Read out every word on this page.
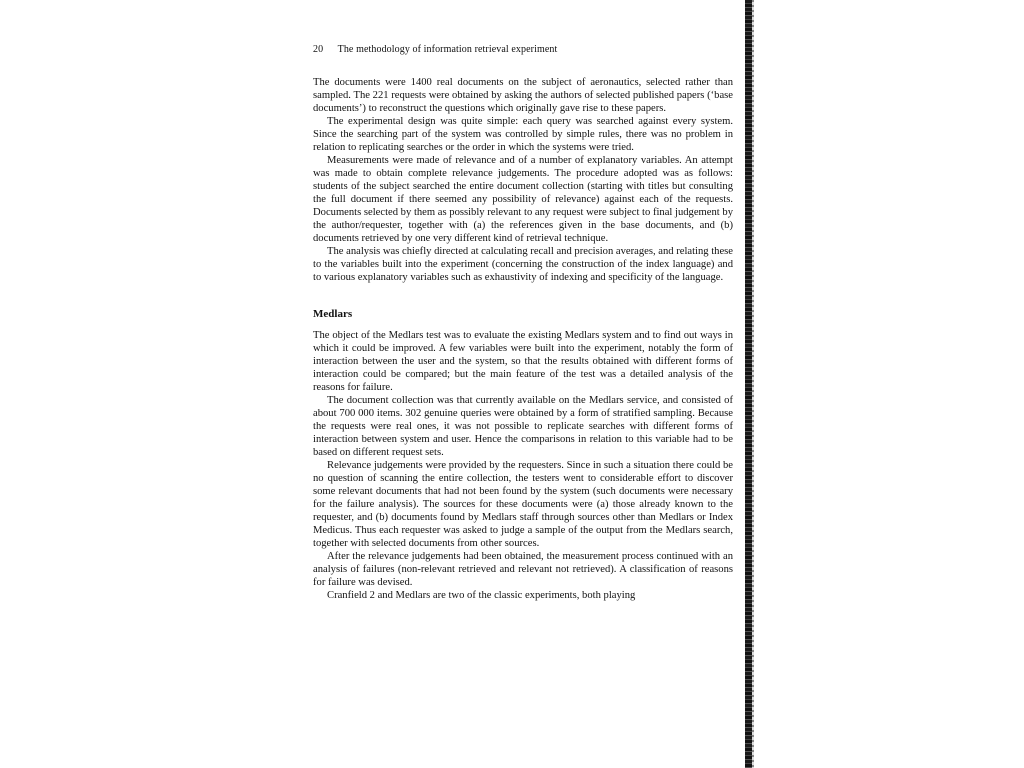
20 The methodology of information retrieval experiment

The documents were 1400 real documents on the subject of aeronautics, selected rather than sampled. The 221 requests were obtained by asking the authors of selected published papers (‘base documents’) to reconstruct the questions which originally gave rise to these papers.

The experimental design was quite simple: each query was searched against every system. Since the searching part of the system was controlled by simple rules, there was no problem in relation to replicating searches or the order in which the systems were tried.

Measurements were made of relevance and of a number of explanatory variables. An attempt was made to obtain complete relevance judgements. The procedure adopted was as follows: students of the subject searched the entire document collection (starting with titles but consulting the full document if there seemed any possibility of relevance) against each of the requests. Documents selected by them as possibly relevant to any request were subject to final judgement by the author/requester, together with (a) the references given in the base documents, and (b) documents retrieved by one very different kind of retrieval technique.

The analysis was chiefly directed at calculating recall and precision averages, and relating these to the variables built into the experiment (concerning the construction of the index language) and to various explanatory variables such as exhaustivity of indexing and specificity of the language.

Medlars

The object of the Medlars test was to evaluate the existing Medlars system and to find out ways in which it could be improved. A few variables were built into the experiment, notably the form of interaction between the user and the system, so that the results obtained with different forms of interaction could be compared; but the main feature of the test was a detailed analysis of the reasons for failure.

The document collection was that currently available on the Medlars service, and consisted of about 700 000 items. 302 genuine queries were obtained by a form of stratified sampling. Because the requests were real ones, it was not possible to replicate searches with different forms of interaction between system and user. Hence the comparisons in relation to this variable had to be based on different request sets.

Relevance judgements were provided by the requesters. Since in such a situation there could be no question of scanning the entire collection, the testers went to considerable effort to discover some relevant documents that had not been found by the system (such documents were necessary for the failure analysis). The sources for these documents were (a) those already known to the requester, and (b) documents found by Medlars staff through sources other than Medlars or Index Medicus. Thus each requester was asked to judge a sample of the output from the Medlars search, together with selected documents from other sources.

After the relevance judgements had been obtained, the measurement process continued with an analysis of failures (non-relevant retrieved and relevant not retrieved). A classification of reasons for failure was devised.

Cranfield 2 and Medlars are two of the classic experiments, both playing
